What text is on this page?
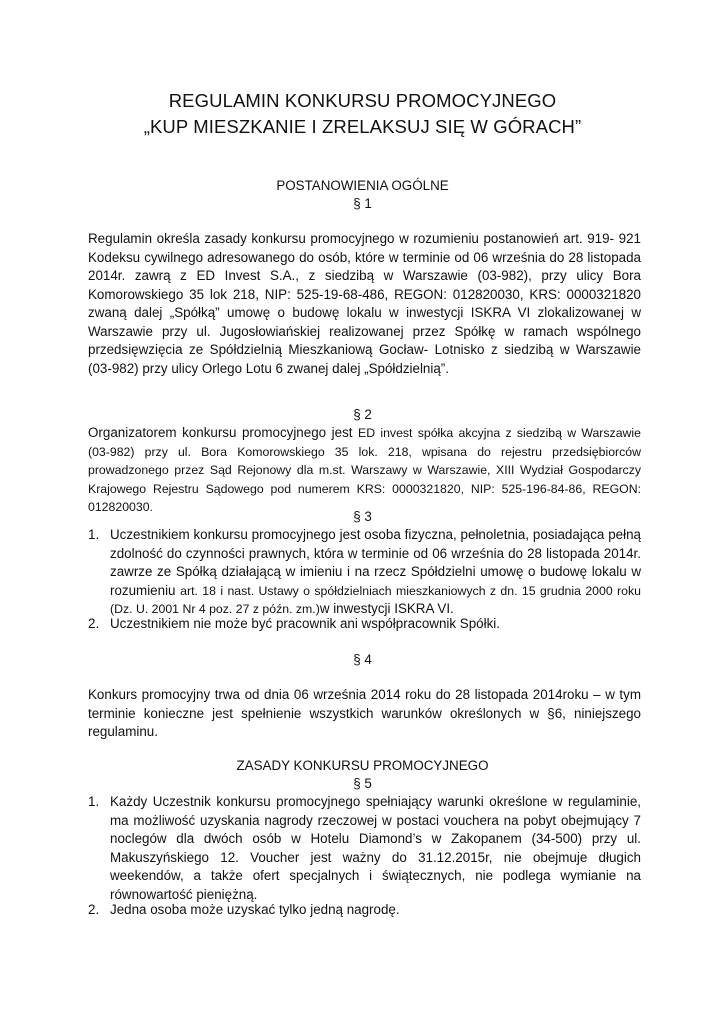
REGULAMIN KONKURSU PROMOCYJNEGO
„KUP MIESZKANIE I ZRELAKSUJ SIĘ W GÓRACH”
POSTANOWIENIA OGÓLNE
§ 1
Regulamin określa zasady konkursu promocyjnego w rozumieniu postanowień art. 919- 921 Kodeksu cywilnego adresowanego do osób, które w terminie od 06 września do 28 listopada 2014r. zawrą z ED Invest S.A., z siedzibą w Warszawie (03-982), przy ulicy Bora Komorowskiego 35 lok 218, NIP: 525-19-68-486, REGON: 012820030, KRS: 0000321820 zwaną dalej „Spółką” umowę o budowę lokalu w inwestycji ISKRA VI zlokalizowanej w Warszawie przy ul. Jugosłowiańskiej realizowanej przez Spółkę w ramach wspólnego przedsięwzięcia ze Spółdzielnią Mieszkaniową Gocław- Lotnisko z siedzibą w Warszawie (03-982) przy ulicy Orlego Lotu 6 zwanej dalej „Spółdzielnią”.
§ 2
Organizatorem konkursu promocyjnego jest ED invest spółka akcyjna z siedzibą w Warszawie (03-982) przy ul. Bora Komorowskiego 35 lok. 218, wpisana do rejestru przedsiębiorców prowadzonego przez Sąd Rejonowy dla m.st. Warszawy w Warszawie, XIII Wydział Gospodarczy Krajowego Rejestru Sądowego pod numerem KRS: 0000321820, NIP: 525-196-84-86, REGON: 012820030.
§ 3
1. Uczestnikiem konkursu promocyjnego jest osoba fizyczna, pełnoletnia, posiadająca pełną zdolność do czynności prawnych, która w terminie od 06 września do 28 listopada 2014r. zawrze ze Spółką działającą w imieniu i na rzecz Spółdzielni umowę o budowę lokalu w rozumieniu art. 18 i nast. Ustawy o spółdzielniach mieszkaniowych z dn. 15 grudnia 2000 roku (Dz. U. 2001 Nr 4 poz. 27 z późn. zm.)w inwestycji ISKRA VI.
2. Uczestnikiem nie może być pracownik ani współpracownik Spółki.
§ 4
Konkurs promocyjny trwa od dnia 06 września 2014 roku do 28 listopada 2014roku – w tym terminie konieczne jest spełnienie wszystkich warunków określonych w §6, niniejszego regulaminu.
ZASADY KONKURSU PROMOCYJNEGO
§ 5
1. Każdy Uczestnik konkursu promocyjnego spełniający warunki określone w regulaminie, ma możliwość uzyskania nagrody rzeczowej w postaci vouchera na pobyt obejmujący 7 noclegów dla dwóch osób w Hotelu Diamond’s w Zakopanem (34-500) przy ul. Makuszyńskiego 12. Voucher jest ważny do 31.12.2015r, nie obejmuje długich weekendów, a także ofert specjalnych i świątecznych, nie podlega wymianie na równowartość pieniężną.
2. Jedna osoba może uzyskać tylko jedną nagrodę.
